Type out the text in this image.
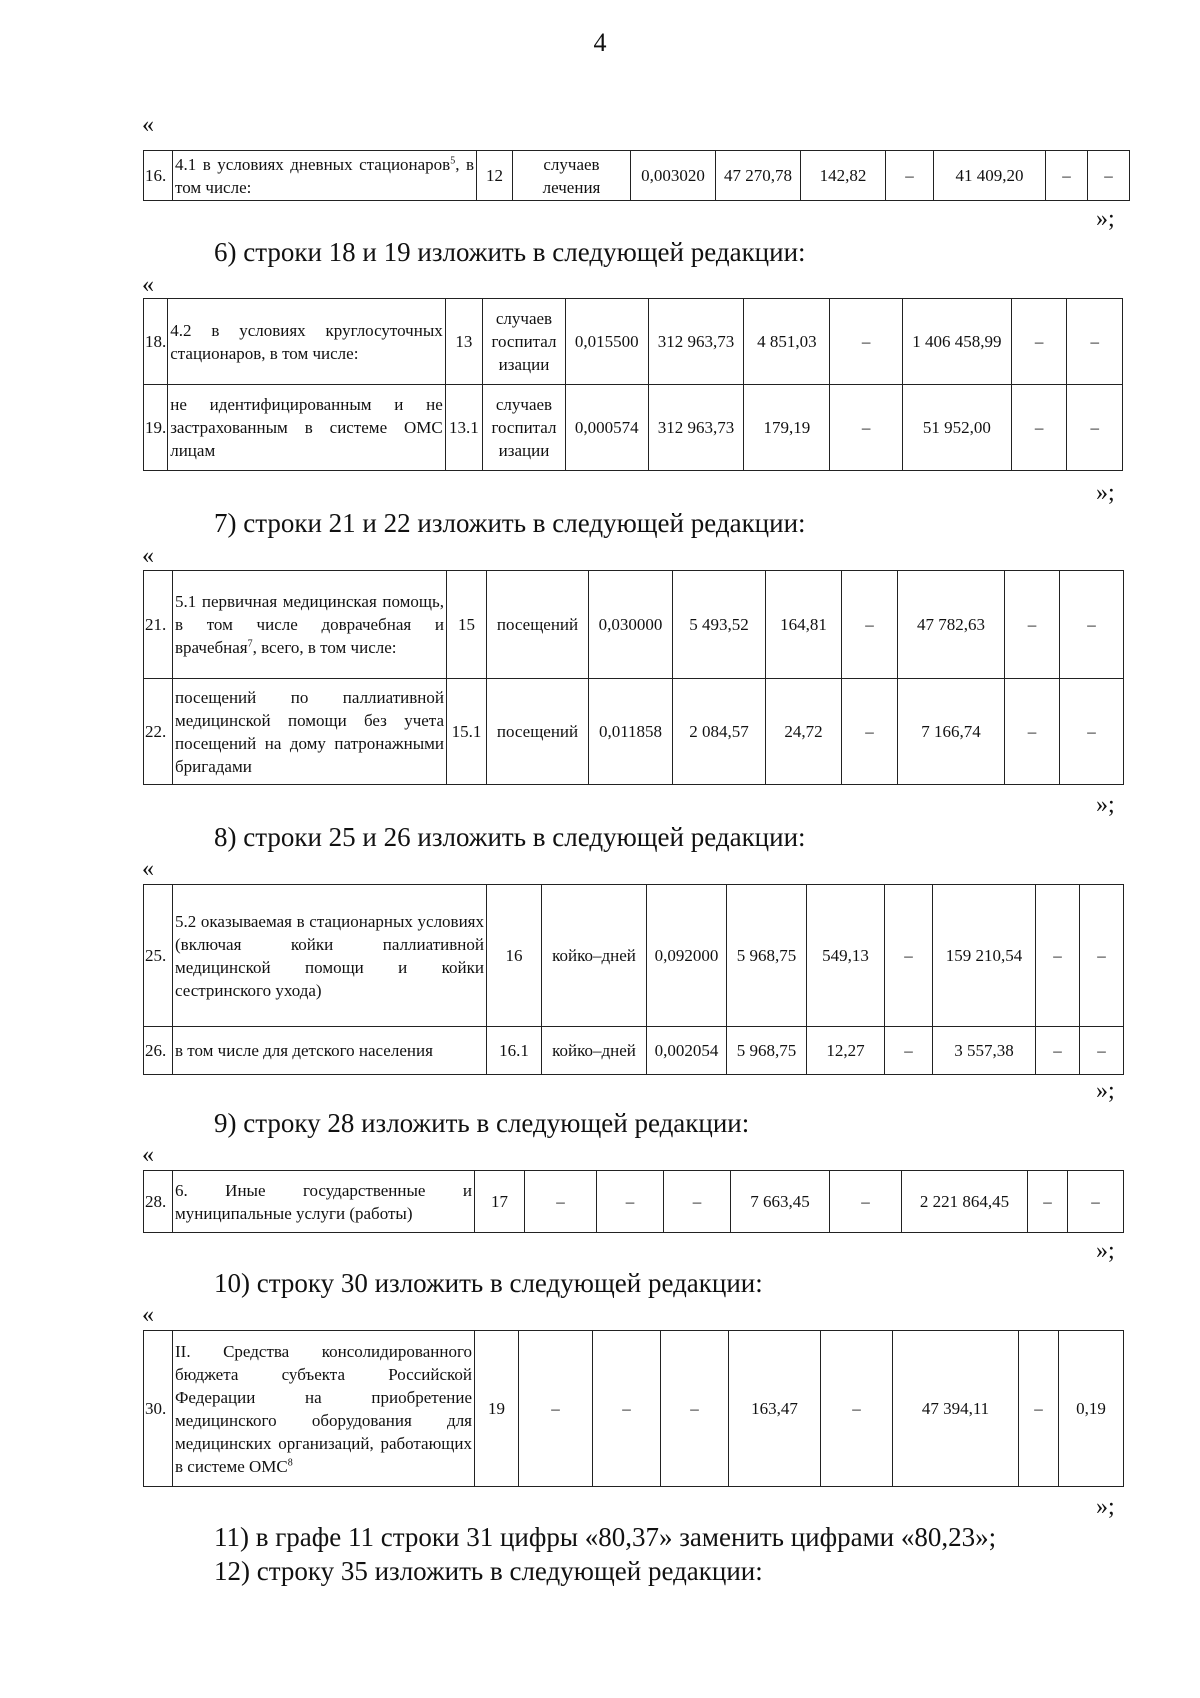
4
«
16.	4.1 в условиях дневных стационаров$^5$, в том числе:	12	случаев лечения	0,003020	47 270,78	142,82	–	41 409,20	–	–
»;
6) строки 18 и 19 изложить в следующей редакции:
«
18.	4.2 в условиях круглосуточных стационаров, в том числе:	13	случаев госпитал изации	0,015500	312 963,73	4 851,03	–	1 406 458,99	–	–
19.	не идентифицированным и не застрахованным в системе ОМС лицам	13.1	случаев госпитал изации	0,000574	312 963,73	179,19	–	51 952,00	–	–
»;
7) строки 21 и 22 изложить в следующей редакции:
«
21.	5.1 первичная медицинская помощь, в том числе доврачебная и врачебная$^7$, всего, в том числе:	15	посещений	0,030000	5 493,52	164,81	–	47 782,63	–	–
22.	посещений по паллиативной медицинской помощи без учета посещений на дому патронажными бригадами	15.1	посещений	0,011858	2 084,57	24,72	–	7 166,74	–	–
»;
8) строки 25 и 26 изложить в следующей редакции:
«
25.	5.2 оказываемая в стационарных условиях (включая койки паллиативной медицинской помощи и койки сестринского ухода)	16	койко–дней	0,092000	5 968,75	549,13	–	159 210,54	–	–
26.	в том числе для детского населения	16.1	койко–дней	0,002054	5 968,75	12,27	–	3 557,38	–	–
»;
9) строку 28 изложить в следующей редакции:
«
28.	6. Иные государственные и муниципальные услуги (работы)	17	–	–	–	7 663,45	–	2 221 864,45	–	–
»;
10) строку 30 изложить в следующей редакции:
«
30.	II. Средства консолидированного бюджета субъекта Российской Федерации на приобретение медицинского оборудования для медицинских организаций, работающих в системе ОМС$^8$	19	–	–	–	163,47	–	47 394,11	–	0,19
»;
11) в графе 11 строки 31 цифры «80,37» заменить цифрами «80,23»;
12) строку 35 изложить в следующей редакции:
